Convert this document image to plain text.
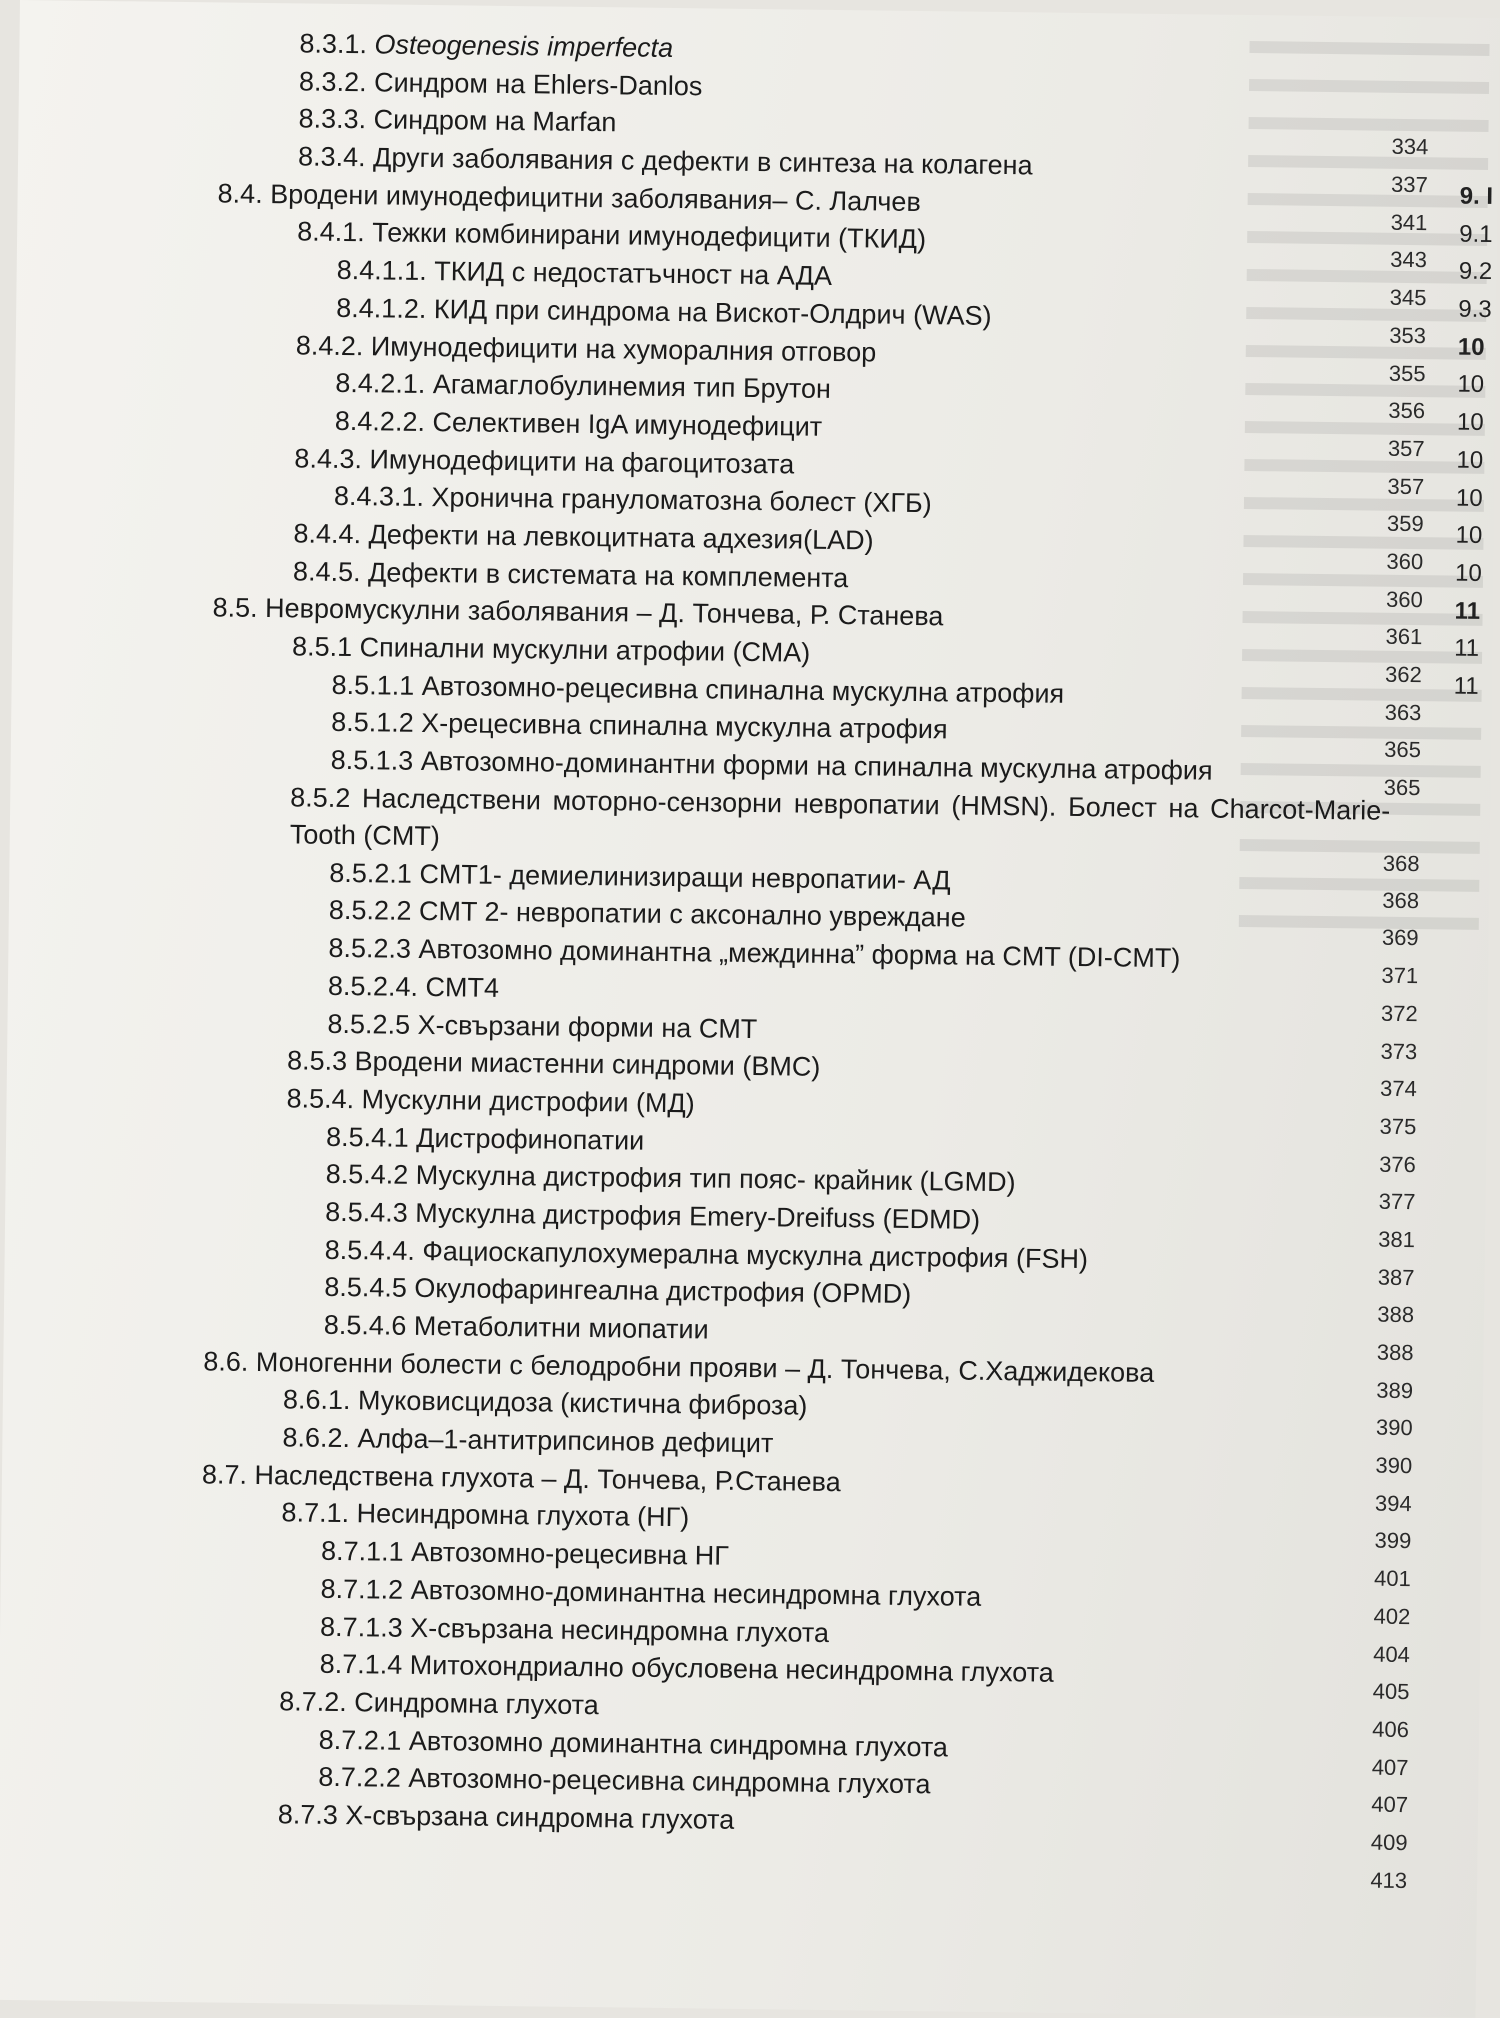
8.3.1. Osteogenesis imperfecta
8.3.2. Синдром на Ehlers-Danlos
8.3.3. Синдром на Marfan
334
8.3.4. Други заболявания с дефекти в синтеза на колагена
337
8.4. Вродени имунодефицитни заболявания– С. Лалчев
341
8.4.1. Тежки комбинирани имунодефицити (ТКИД)
343
8.4.1.1. ТКИД с недостатъчност на АДА
345
8.4.1.2. КИД при синдрома на Вискот-Олдрич (WAS)
353
8.4.2. Имунодефицити на хуморалния отговор
355
8.4.2.1. Агамаглобулинемия тип Брутон
356
8.4.2.2. Селективен IgA имунодефицит
357
8.4.3. Имунодефицити на фагоцитозата
357
8.4.3.1. Хронична грануломатозна болест (ХГБ)
359
8.4.4. Дефекти на левкоцитната адхезия(LAD)
360
8.4.5. Дефекти в системата на комплемента
360
8.5. Невромускулни заболявания – Д. Тончева, Р. Станева
361
8.5.1 Спинални мускулни атрофии (СМА)
362
8.5.1.1 Автозомно-рецесивна спинална мускулна атрофия
363
8.5.1.2 Х-рецесивна спинална мускулна атрофия
365
8.5.1.3 Автозомно-доминантни форми на спинална мускулна атрофия
365
8.5.2 Наследствени моторно-сензорни невропатии (HMSN). Болест на Charcot-Marie-Tooth (CMT)
368
8.5.2.1 CMT1- демиелинизиращи невропатии- АД
368
8.5.2.2 CMT 2- невропатии с аксонално увреждане
369
8.5.2.3 Автозомно доминантна „междинна” форма на CMT (DI-CMT)
371
8.5.2.4. CMT4
372
8.5.2.5 Х-свързани форми на CMT
373
8.5.3 Вродени миастенни синдроми (ВМС)
374
8.5.4. Мускулни дистрофии (МД)
375
8.5.4.1 Дистрофинопатии
376
8.5.4.2 Мускулна дистрофия тип пояс- крайник (LGMD)
377
8.5.4.3 Мускулна дистрофия Emery-Dreifuss (EDMD)
381
8.5.4.4. Фациоскапулохумерална мускулна дистрофия (FSH)
387
8.5.4.5 Окулофарингеална дистрофия (OPMD)
388
8.5.4.6 Метаболитни миопатии
388
8.6. Моногенни болести с белодробни прояви – Д. Тончева, С.Хаджидекова
389
8.6.1. Муковисцидоза (кистична фиброза)
390
8.6.2. Алфа–1-антитрипсинов дефицит
390
8.7. Наследствена глухота – Д. Тончева, Р.Станева
394
8.7.1. Несиндромна глухота (НГ)
399
8.7.1.1 Автозомно-рецесивна НГ
401
8.7.1.2 Автозомно-доминантна несиндромна глухота
402
8.7.1.3 Х-свързана несиндромна глухота
404
8.7.1.4 Митохондриално обусловена несиндромна глухота
405
8.7.2. Синдромна глухота
406
8.7.2.1 Автозомно доминантна синдромна глухота
407
8.7.2.2 Автозомно-рецесивна синдромна глухота
407
8.7.3 Х-свързана синдромна глухота
409
413
9. I
9.1
9.2
9.3
10
10
10
10
10
10
10
11
11
11
